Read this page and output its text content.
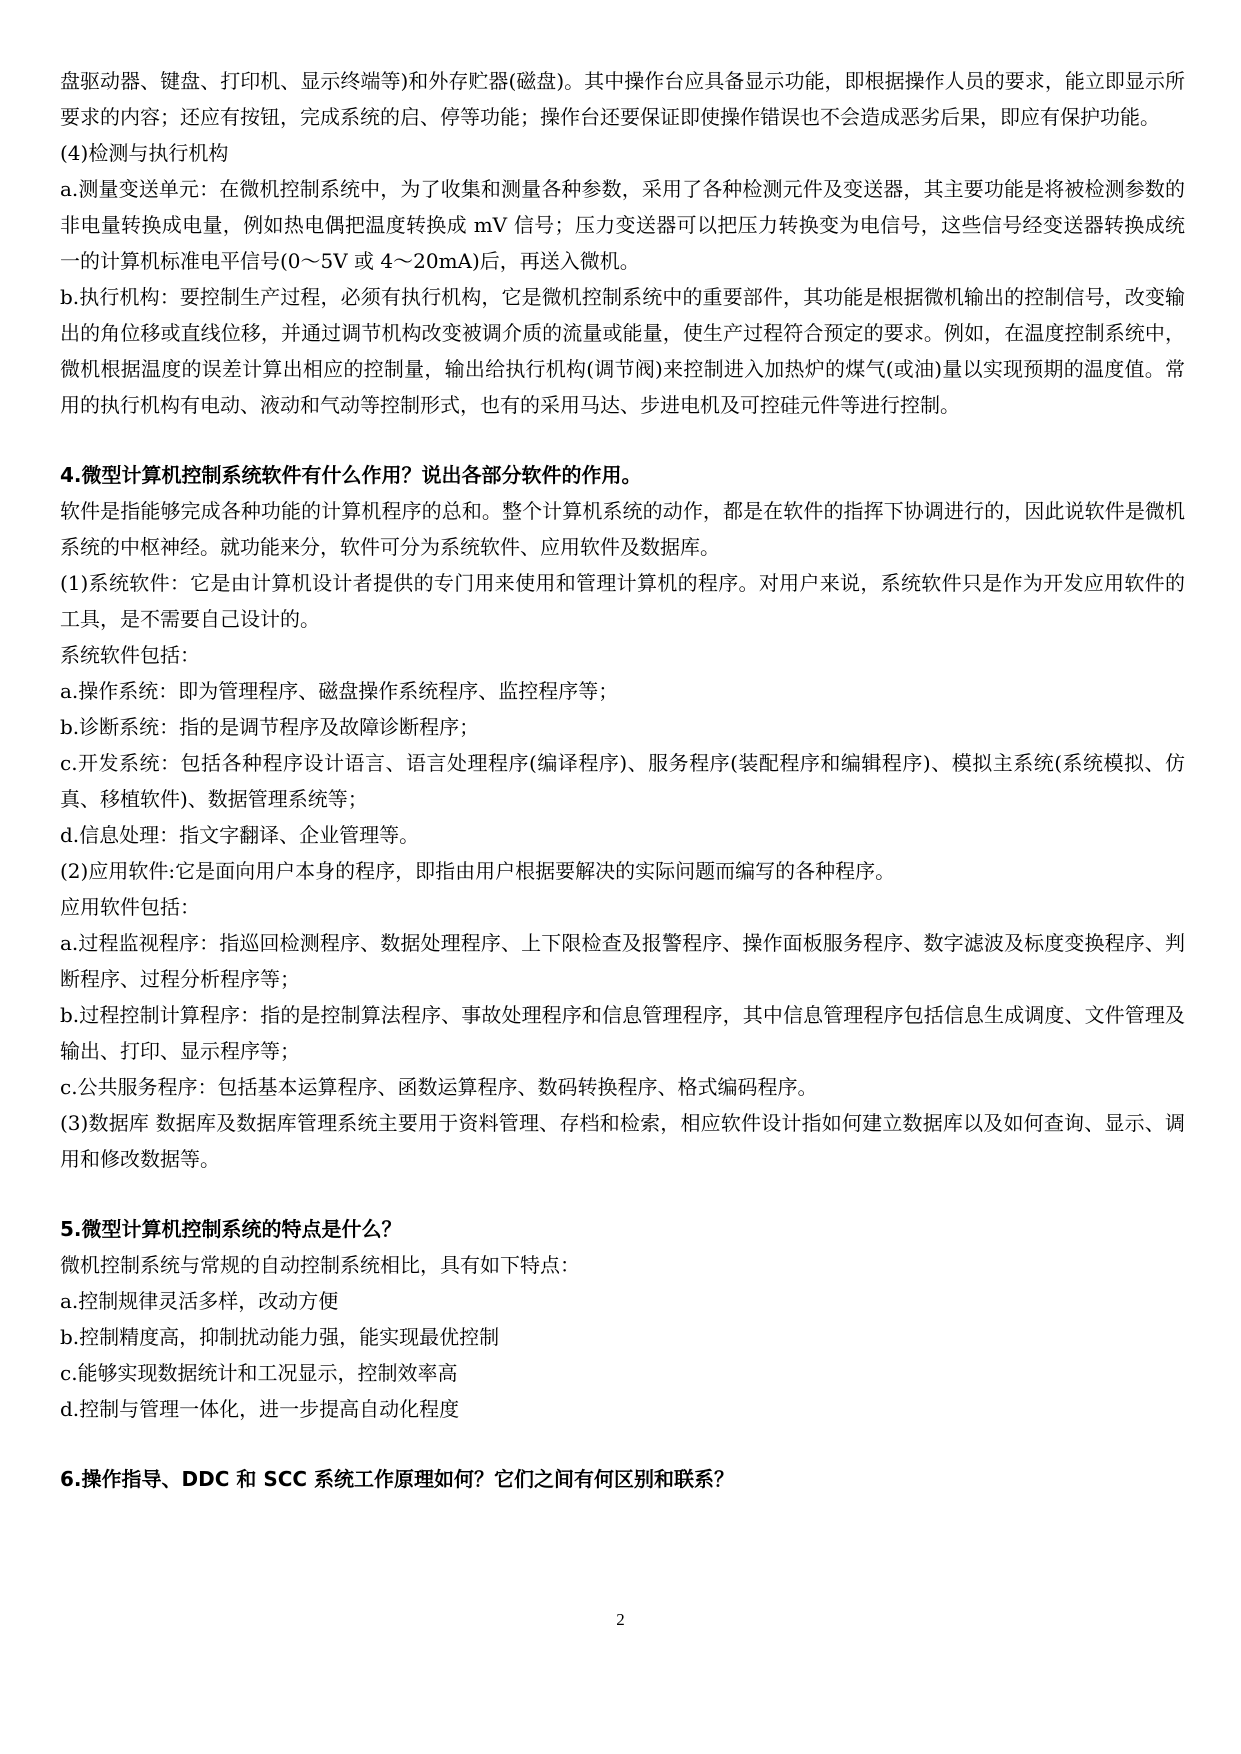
盘驱动器、键盘、打印机、显示终端等)和外存贮器(磁盘)。其中操作台应具备显示功能，即根据操作人员的要求，能立即显示所要求的内容；还应有按钮，完成系统的启、停等功能；操作台还要保证即使操作错误也不会造成恶劣后果，即应有保护功能。

(4)检测与执行机构

a.测量变送单元：在微机控制系统中，为了收集和测量各种参数，采用了各种检测元件及变送器，其主要功能是将被检测参数的非电量转换成电量，例如热电偶把温度转换成 mV 信号；压力变送器可以把压力转换变为电信号，这些信号经变送器转换成统一的计算机标准电平信号(0～5V 或 4～20mA)后，再送入微机。

b.执行机构：要控制生产过程，必须有执行机构，它是微机控制系统中的重要部件，其功能是根据微机输出的控制信号，改变输出的角位移或直线位移，并通过调节机构改变被调介质的流量或能量，使生产过程符合预定的要求。例如，在温度控制系统中，微机根据温度的误差计算出相应的控制量，输出给执行机构(调节阀)来控制进入加热炉的煤气(或油)量以实现预期的温度值。常用的执行机构有电动、液动和气动等控制形式，也有的采用马达、步进电机及可控硅元件等进行控制。

4.微型计算机控制系统软件有什么作用？说出各部分软件的作用。

软件是指能够完成各种功能的计算机程序的总和。整个计算机系统的动作，都是在软件的指挥下协调进行的，因此说软件是微机系统的中枢神经。就功能来分，软件可分为系统软件、应用软件及数据库。

(1)系统软件：它是由计算机设计者提供的专门用来使用和管理计算机的程序。对用户来说，系统软件只是作为开发应用软件的工具，是不需要自己设计的。

系统软件包括：

a.操作系统：即为管理程序、磁盘操作系统程序、监控程序等；

b.诊断系统：指的是调节程序及故障诊断程序；

c.开发系统：包括各种程序设计语言、语言处理程序(编译程序)、服务程序(装配程序和编辑程序)、模拟主系统(系统模拟、仿真、移植软件)、数据管理系统等；

d.信息处理：指文字翻译、企业管理等。

(2)应用软件:它是面向用户本身的程序，即指由用户根据要解决的实际问题而编写的各种程序。

应用软件包括：

a.过程监视程序：指巡回检测程序、数据处理程序、上下限检查及报警程序、操作面板服务程序、数字滤波及标度变换程序、判断程序、过程分析程序等；

b.过程控制计算程序：指的是控制算法程序、事故处理程序和信息管理程序，其中信息管理程序包括信息生成调度、文件管理及输出、打印、显示程序等；

c.公共服务程序：包括基本运算程序、函数运算程序、数码转换程序、格式编码程序。

(3)数据库 数据库及数据库管理系统主要用于资料管理、存档和检索，相应软件设计指如何建立数据库以及如何查询、显示、调用和修改数据等。

5.微型计算机控制系统的特点是什么？

微机控制系统与常规的自动控制系统相比，具有如下特点：

a.控制规律灵活多样，改动方便

b.控制精度高，抑制扰动能力强，能实现最优控制

c.能够实现数据统计和工况显示，控制效率高

d.控制与管理一体化，进一步提高自动化程度

6.操作指导、DDC 和 SCC 系统工作原理如何？它们之间有何区别和联系？

2
